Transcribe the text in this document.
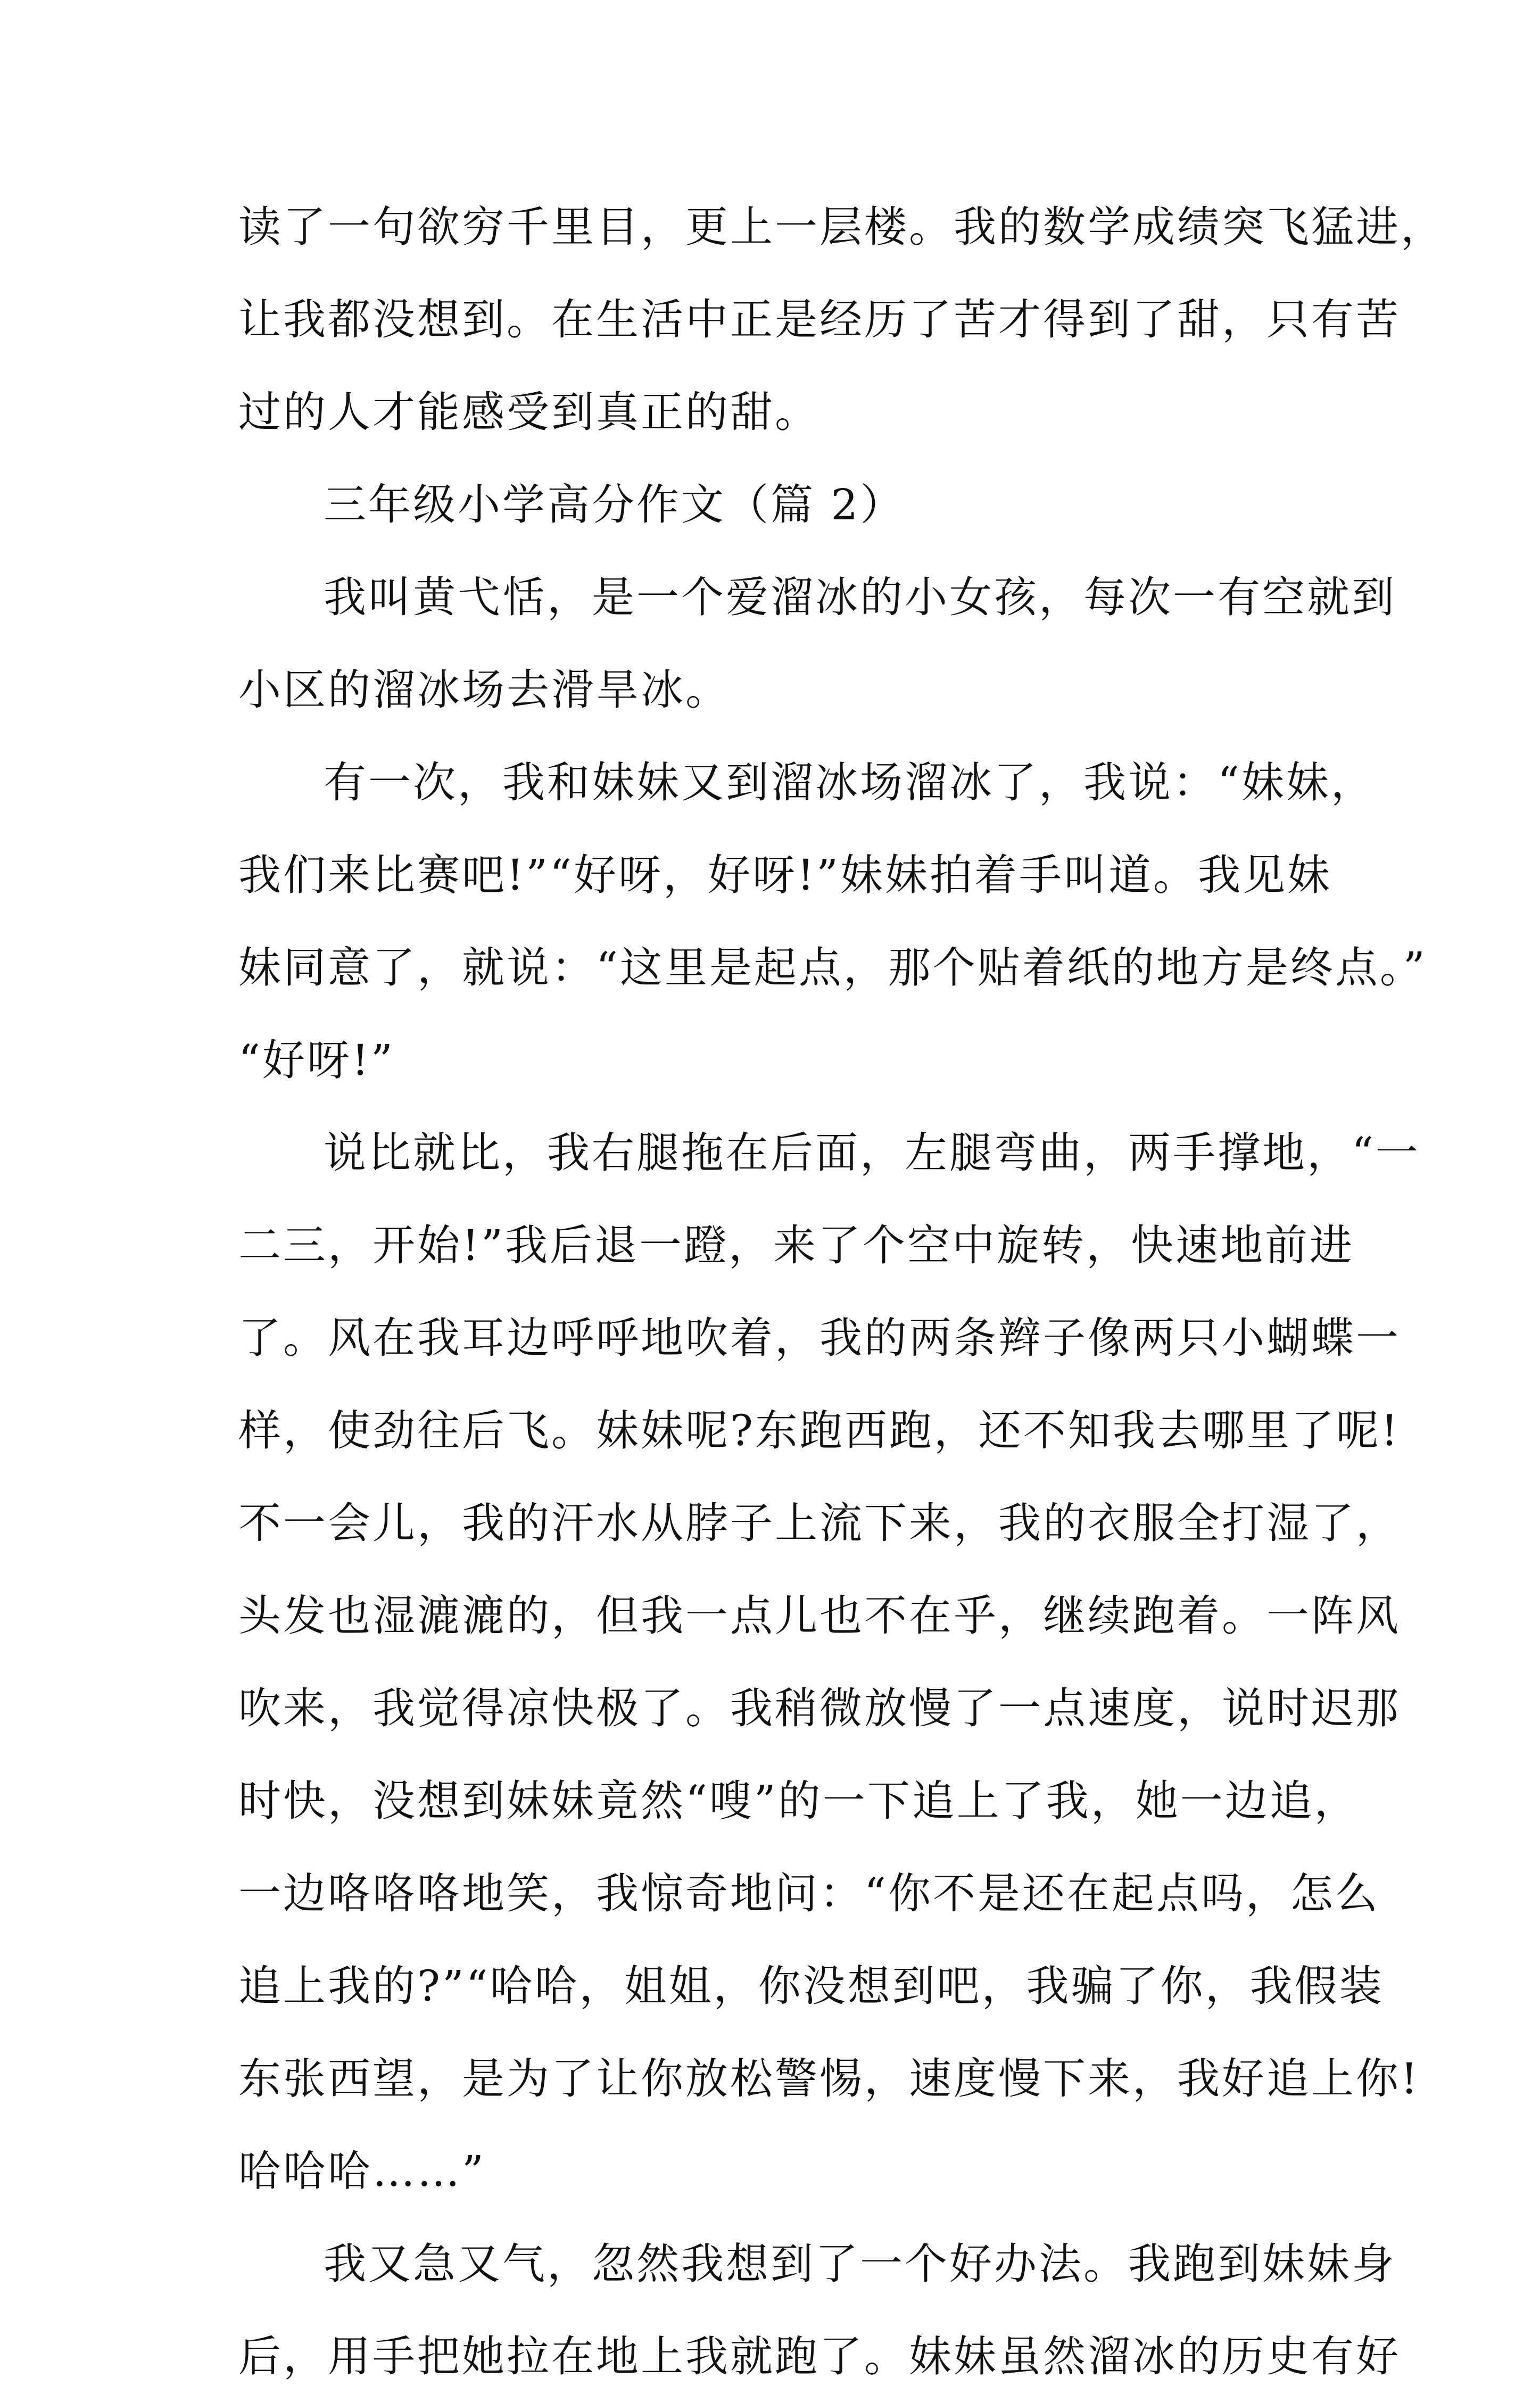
读了一句欲穷千里目，更上一层楼。我的数学成绩突飞猛进，
让我都没想到。在生活中正是经历了苦才得到了甜，只有苦
过的人才能感受到真正的甜。
三年级小学高分作文（篇 2）
我叫黄弋恬，是一个爱溜冰的小女孩，每次一有空就到
小区的溜冰场去滑旱冰。
有一次，我和妹妹又到溜冰场溜冰了，我说：“妹妹，
我们来比赛吧!”“好呀，好呀!”妹妹拍着手叫道。我见妹
妹同意了，就说：“这里是起点，那个贴着纸的地方是终点。”
“好呀!”
说比就比，我右腿拖在后面，左腿弯曲，两手撑地，“一
二三，开始!”我后退一蹬，来了个空中旋转，快速地前进
了。风在我耳边呼呼地吹着，我的两条辫子像两只小蝴蝶一
样，使劲往后飞。妹妹呢?东跑西跑，还不知我去哪里了呢!
不一会儿，我的汗水从脖子上流下来，我的衣服全打湿了，
头发也湿漉漉的，但我一点儿也不在乎，继续跑着。一阵风
吹来，我觉得凉快极了。我稍微放慢了一点速度，说时迟那
时快，没想到妹妹竟然“嗖”的一下追上了我，她一边追，
一边咯咯咯地笑，我惊奇地问：“你不是还在起点吗，怎么
追上我的?”“哈哈，姐姐，你没想到吧，我骗了你，我假装
东张西望，是为了让你放松警惕，速度慢下来，我好追上你!
哈哈哈……”
我又急又气，忽然我想到了一个好办法。我跑到妹妹身
后，用手把她拉在地上我就跑了。妹妹虽然溜冰的历史有好
